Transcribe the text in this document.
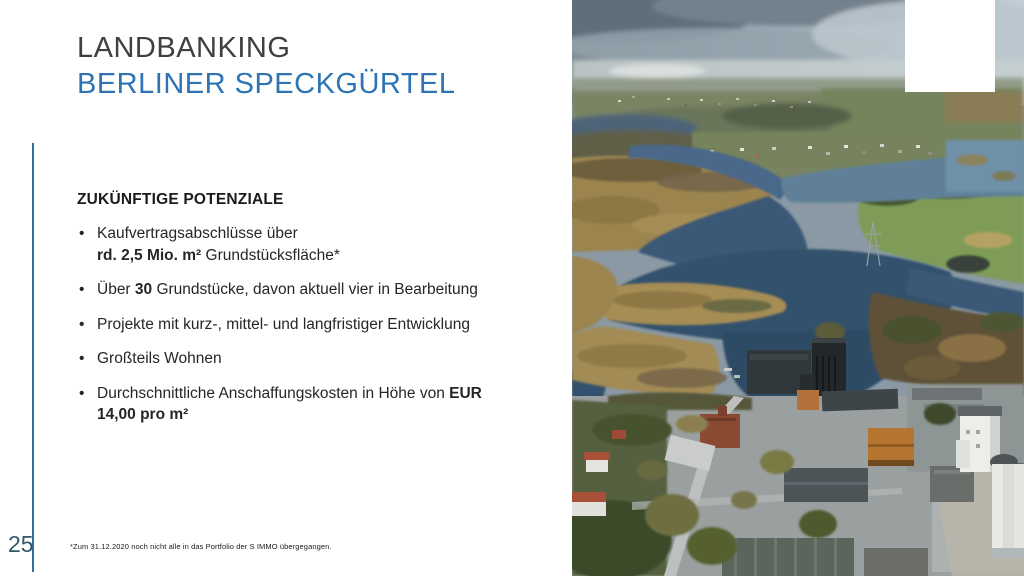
25
LANDBANKING
BERLINER SPECKGÜRTEL
ZUKÜNFTIGE POTENZIALE
• Kaufvertragsabschlüsse über
rd. 2,5 Mio. m² Grundstücksfläche*
• Über 30 Grundstücke, davon aktuell vier in Bearbeitung
• Projekte mit kurz-, mittel- und langfristiger Entwicklung
• Großteils Wohnen
• Durchschnittliche Anschaffungskosten in Höhe von EUR 14,00 pro m²
*Zum 31.12.2020 noch nicht alle in das Portfolio der S IMMO übergegangen.
